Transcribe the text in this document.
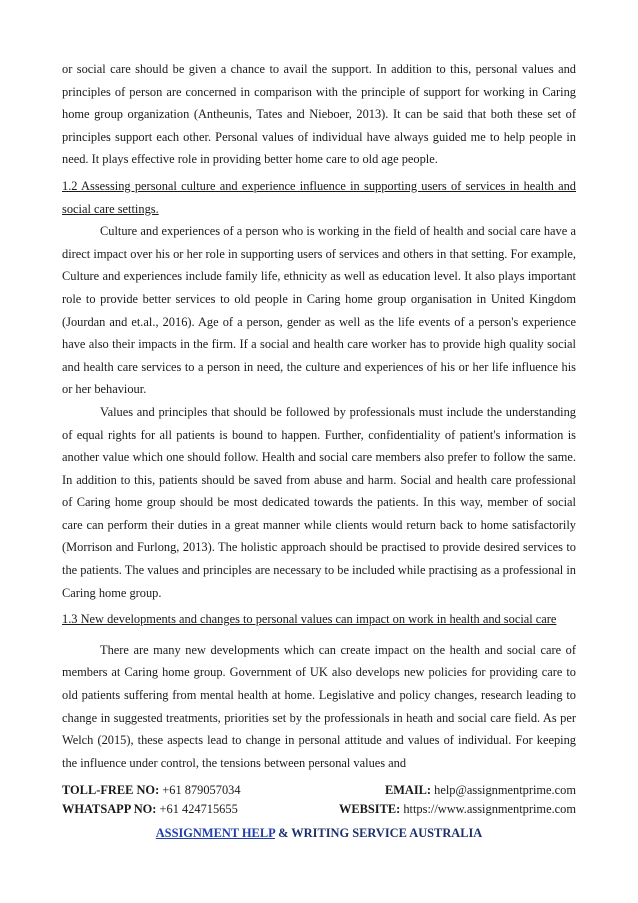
or social care should be given a chance to avail the support. In addition to this, personal values and principles of person are concerned in comparison with the principle of support for working in Caring home group organization (Antheunis, Tates and Nieboer, 2013). It can be said that both these set of principles support each other. Personal values of individual have always guided me to help people in need. It plays effective role in providing better home care to old age people.

1.2 Assessing personal culture and experience influence in supporting users of services in health and social care settings.

Culture and experiences of a person who is working in the field of health and social care have a direct impact over his or her role in supporting users of services and others in that setting. For example, Culture and experiences include family life, ethnicity as well as education level. It also plays important role to provide better services to old people in Caring home group organisation in United Kingdom (Jourdan and et.al., 2016). Age of a person, gender as well as the life events of a person's experience have also their impacts in the firm. If a social and health care worker has to provide high quality social and health care services to a person in need, the culture and experiences of his or her life influence his or her behaviour.

Values and principles that should be followed by professionals must include the understanding of equal rights for all patients is bound to happen. Further, confidentiality of patient's information is another value which one should follow. Health and social care members also prefer to follow the same. In addition to this, patients should be saved from abuse and harm. Social and health care professional of Caring home group should be most dedicated towards the patients. In this way, member of social care can perform their duties in a great manner while clients would return back to home satisfactorily (Morrison and Furlong, 2013). The holistic approach should be practised to provide desired services to the patients. The values and principles are necessary to be included while practising as a professional in Caring home group.

1.3 New developments and changes to personal values can impact on work in health and social care

There are many new developments which can create impact on the health and social care of members at Caring home group. Government of UK also develops new policies for providing care to old patients suffering from mental health at home. Legislative and policy changes, research leading to change in suggested treatments, priorities set by the professionals in heath and social care field. As per Welch (2015), these aspects lead to change in personal attitude and values of individual. For keeping the influence under control, the tensions between personal values and

TOLL-FREE NO: +61 879057034	EMAIL: help@assignmentprime.com
WHATSAPP NO: +61 424715655	WEBSITE: https://www.assignmentprime.com
ASSIGNMENT HELP & WRITING SERVICE AUSTRALIA
